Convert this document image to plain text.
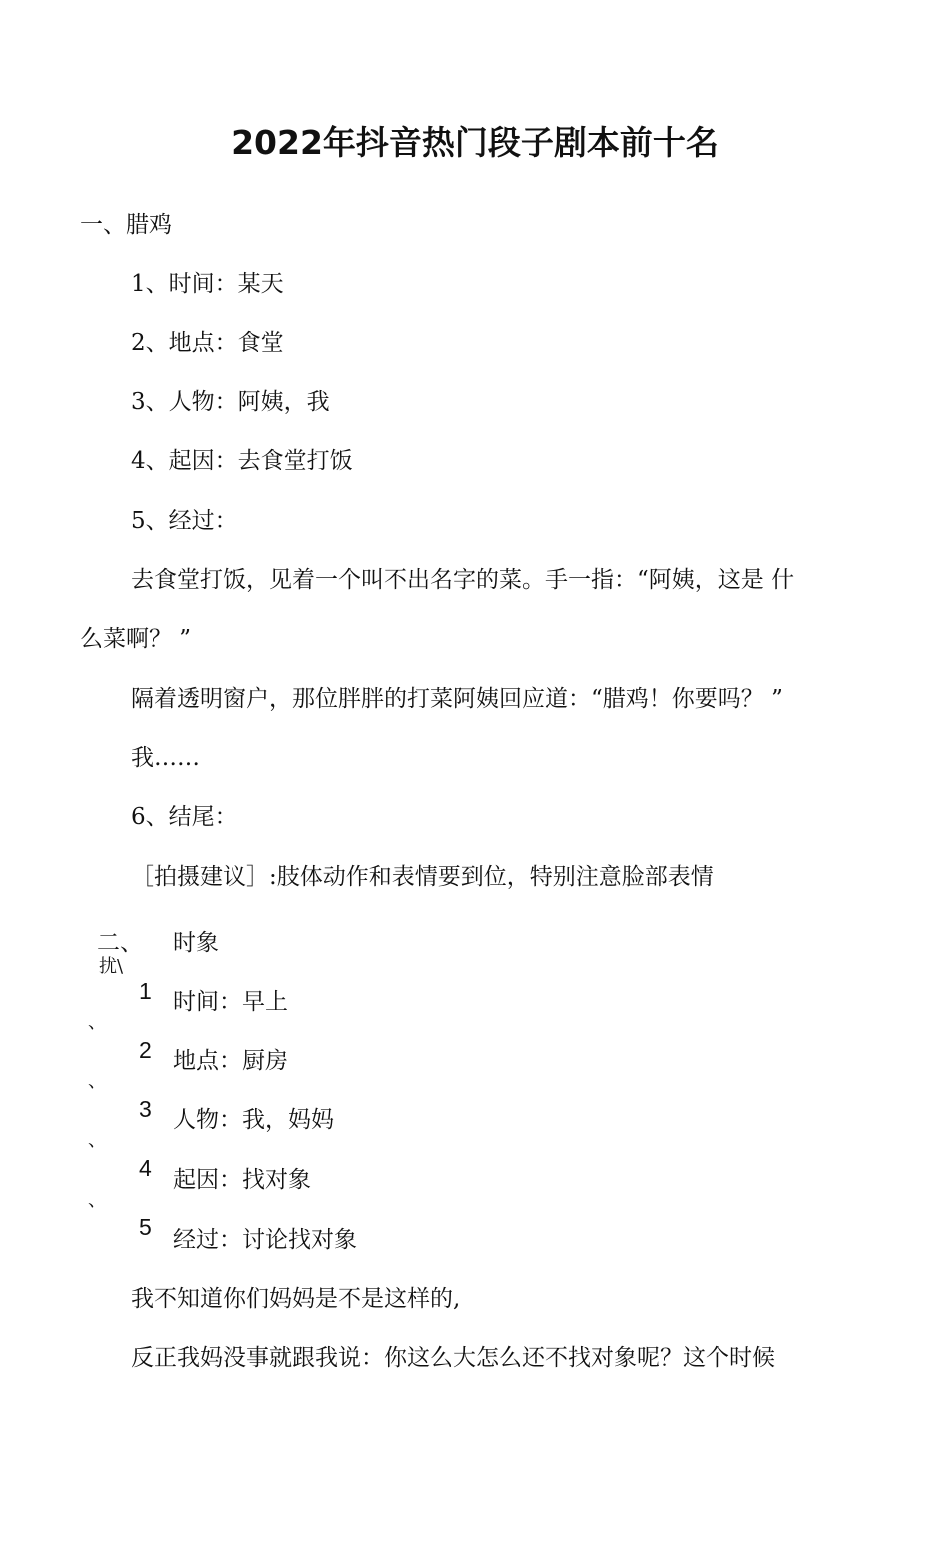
2022年抖音热门段子剧本前十名
一、腊鸡
1、时间：某天
2、地点：食堂
3、人物：阿姨，我
4、起因：去食堂打饭
5、经过：
去食堂打饭，见着一个叫不出名字的菜。手一指：“阿姨，这是 什
么菜啊？ ”
隔着透明窗户，那位胖胖的打菜阿姨回应道：“腊鸡！你要吗？ ”
我……
6、结尾：
［拍摄建议］:肢体动作和表情要到位，特别注意脸部表情
二、
扰\
时象
1 时间：早上
、
2 地点：厨房
、
3 人物：我，妈妈
、
4 起因：找对象
、
5 经过：讨论找对象
我不知道你们妈妈是不是这样的,
反正我妈没事就跟我说：你这么大怎么还不找对象呢？这个时候
